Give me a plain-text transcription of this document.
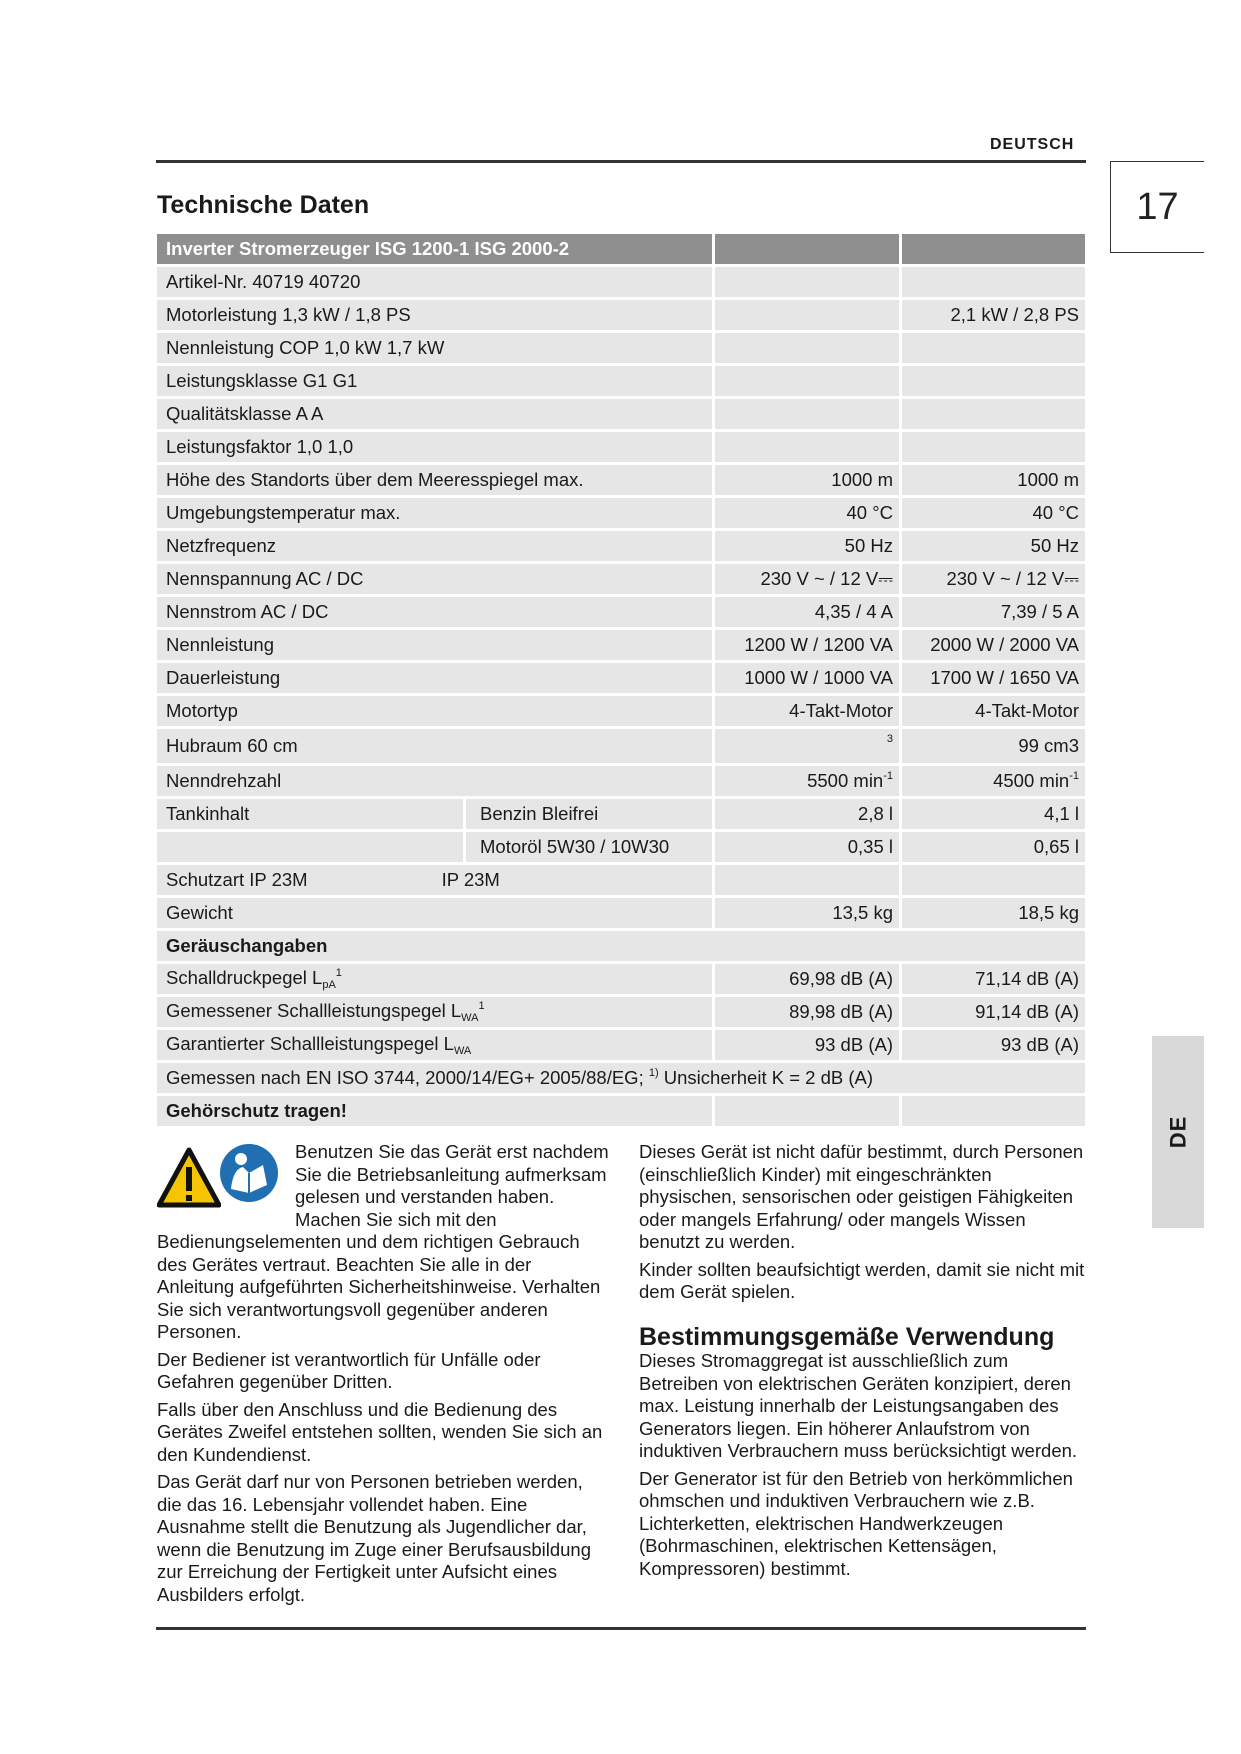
DEUTSCH
17
DE
Technische Daten
Inverter Stromerzeuger ISG 1200-1 ISG 2000-2		
Artikel-Nr. 40719 40720		
Motorleistung 1,3 kW / 1,8 PS		2,1 kW / 2,8 PS
Nennleistung COP 1,0 kW 1,7 kW		
Leistungsklasse G1 G1		
Qualitätsklasse A A		
Leistungsfaktor 1,0 1,0		
Höhe des Standorts über dem Meeresspiegel max.	1000 m	1000 m
Umgebungstemperatur max.	40 °C	40 °C
Netzfrequenz	50 Hz	50 Hz
Nennspannung AC / DC	230 V ~ / 12 V⎓	230 V ~ / 12 V⎓
Nennstrom AC / DC	4,35 / 4 A	7,39 / 5 A
Nennleistung	1200 W / 1200 VA	2000 W / 2000 VA
Dauerleistung	1000 W / 1000 VA	1700 W / 1650 VA
Motortyp	4-Takt-Motor	4-Takt-Motor
Hubraum 60 cm	3	99 cm3
Nenndrehzahl	5500 $\min^{-1}$	4500 $\min^{-1}$

Tankinhalt Benzin Bleifrei	2,8 l	4,1 l

Motoröl 5W30 / 10W30	0,35 l	0,65 l
Schutzart IP 23M IP 23M		
Gewicht	13,5 kg	18,5 kg
Geräuschangaben		
Schalldruckpegel $L_{pA}^1$	69,98 dB (A)	71,14 dB (A)
Gemessener Schallleistungspegel $L_{WA}^1$	89,98 dB (A)	91,14 dB (A)
Garantierter Schallleistungspegel $L_{WA}$	93 dB (A)	93 dB (A)
Gemessen nach EN ISO 3744, 2000/14/EG+ 2005/88/EG; $^{1)}$ Unsicherheit K = 2 dB (A)		
Gehörschutz tragen!		

Benutzen Sie das Gerät erst nachdem Sie die Betriebsanleitung aufmerksam gelesen und verstanden haben. Machen Sie sich mit den Bedienungselementen und dem richtigen Gebrauch des Gerätes vertraut. Beachten Sie alle in der Anleitung aufgeführten Sicherheitshinweise. Verhalten Sie sich verantwortungsvoll gegenüber anderen Personen.

Der Bediener ist verantwortlich für Unfälle oder Gefahren gegenüber Dritten.

Falls über den Anschluss und die Bedienung des Gerätes Zweifel entstehen sollten, wenden Sie sich an den Kundendienst.

Das Gerät darf nur von Personen betrieben werden, die das 16. Lebensjahr vollendet haben. Eine Ausnahme stellt die Benutzung als Jugendlicher dar, wenn die Benutzung im Zuge einer Berufsausbildung zur Erreichung der Fertigkeit unter Aufsicht eines Ausbilders erfolgt.

Dieses Gerät ist nicht dafür bestimmt, durch Personen (einschließlich Kinder) mit eingeschränkten physischen, sensorischen oder geistigen Fähigkeiten oder mangels Erfahrung/ oder mangels Wissen benutzt zu werden.

Kinder sollten beaufsichtigt werden, damit sie nicht mit dem Gerät spielen.

Bestimmungsgemäße Verwendung

Dieses Stromaggregat ist ausschließlich zum Betreiben von elektrischen Geräten konzipiert, deren max. Leistung innerhalb der Leistungsangaben des Generators liegen. Ein höherer Anlaufstrom von induktiven Verbrauchern muss berücksichtigt werden.

Der Generator ist für den Betrieb von herkömmlichen ohmschen und induktiven Verbrauchern wie z.B. Lichterketten, elektrischen Handwerkzeugen (Bohrmaschinen, elektrischen Kettensägen, Kompressoren) bestimmt.
